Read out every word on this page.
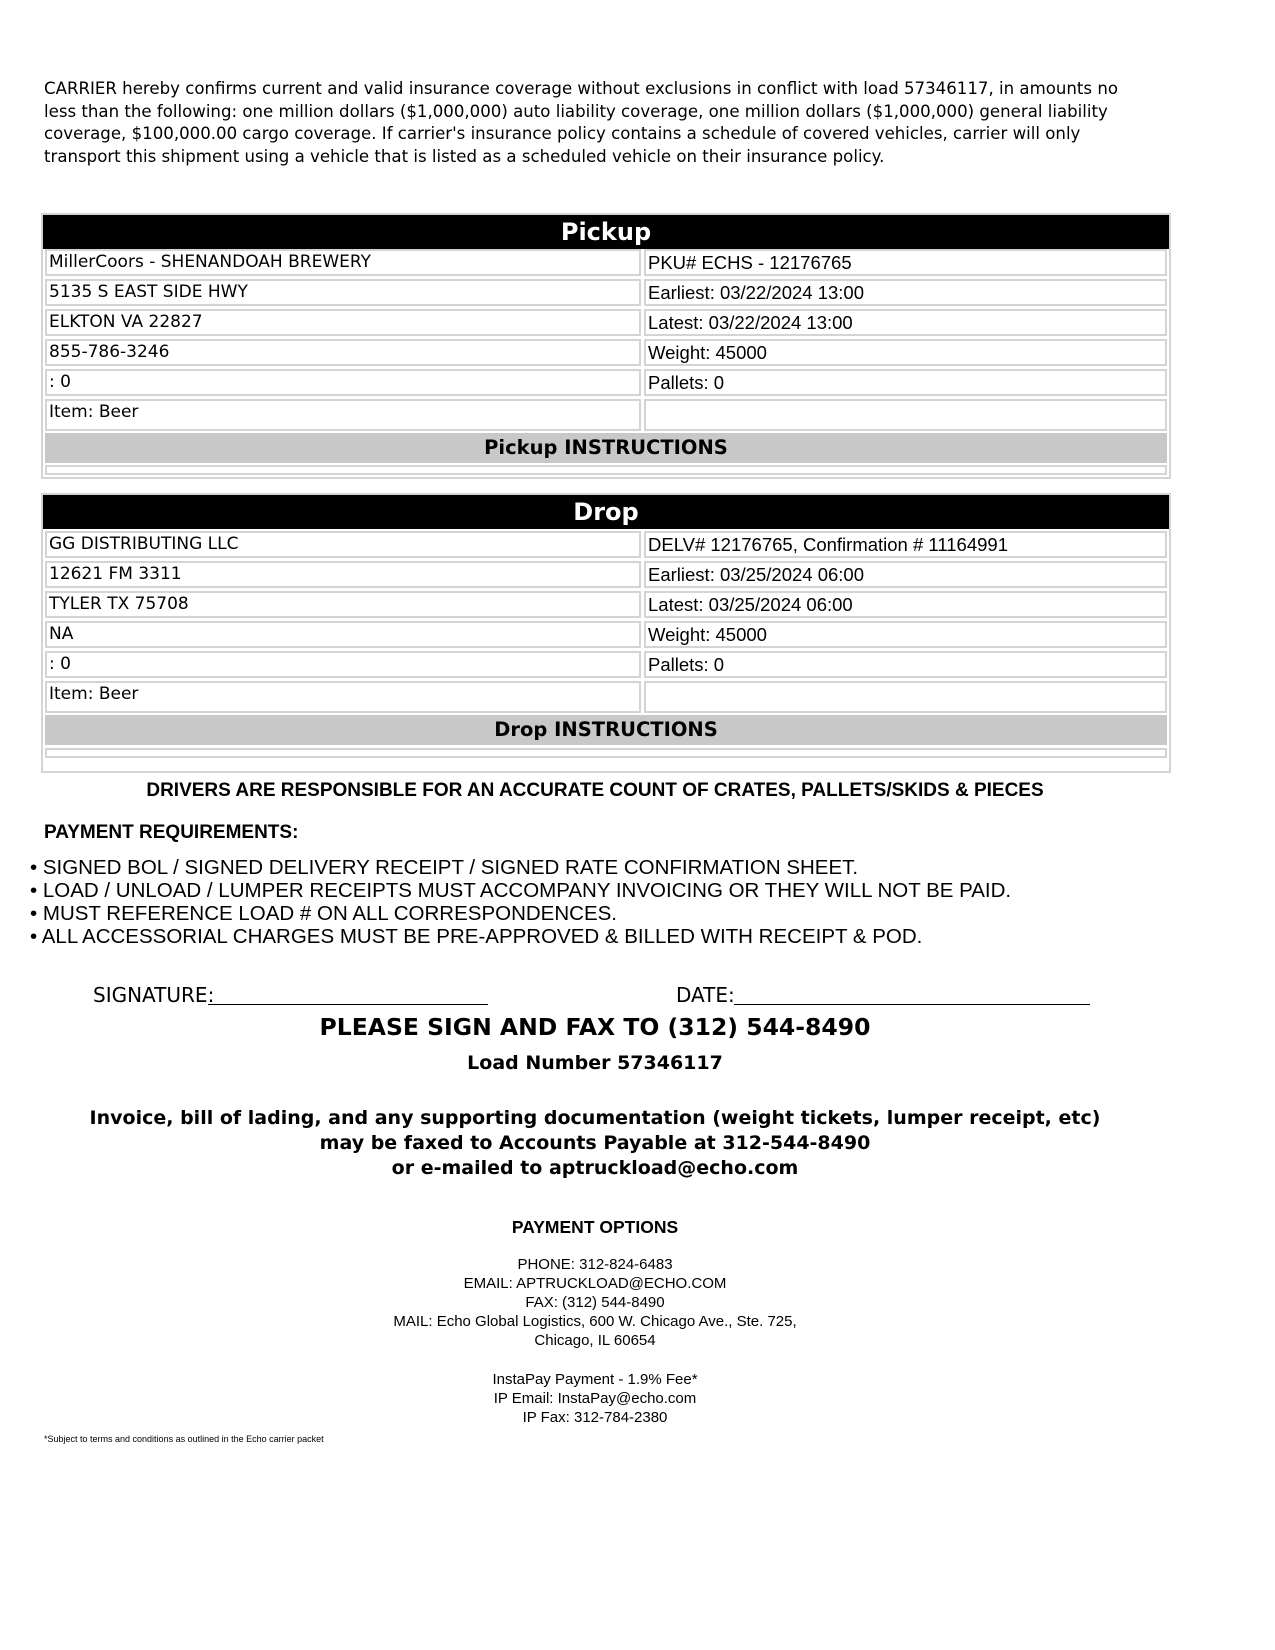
CARRIER hereby confirms current and valid insurance coverage without exclusions in conflict with load 57346117, in amounts no less than the following: one million dollars ($1,000,000) auto liability coverage, one million dollars ($1,000,000) general liability coverage, $100,000.00 cargo coverage. If carrier's insurance policy contains a schedule of covered vehicles, carrier will only transport this shipment using a vehicle that is listed as a scheduled vehicle on their insurance policy.

Pickup
MillerCoors - SHENANDOAH BREWERY	PKU# ECHS - 12176765
5135 S EAST SIDE HWY	Earliest: 03/22/2024 13:00
ELKTON VA 22827	Latest: 03/22/2024 13:00
855-786-3246	Weight: 45000
: 0	Pallets: 0
Item: Beer
Pickup INSTRUCTIONS
Drop
GG DISTRIBUTING LLC	DELV# 12176765, Confirmation # 11164991
12621 FM 3311	Earliest: 03/25/2024 06:00
TYLER TX 75708	Latest: 03/25/2024 06:00
NA	Weight: 45000
: 0	Pallets: 0
Item: Beer
Drop INSTRUCTIONS
DRIVERS ARE RESPONSIBLE FOR AN ACCURATE COUNT OF CRATES, PALLETS/SKIDS & PIECES
PAYMENT REQUIREMENTS:
• SIGNED BOL / SIGNED DELIVERY RECEIPT / SIGNED RATE CONFIRMATION SHEET.
• LOAD / UNLOAD / LUMPER RECEIPTS MUST ACCOMPANY INVOICING OR THEY WILL NOT BE PAID.
• MUST REFERENCE LOAD # ON ALL CORRESPONDENCES.
• ALL ACCESSORIAL CHARGES MUST BE PRE-APPROVED & BILLED WITH RECEIPT & POD.
SIGNATURE:	DATE:
PLEASE SIGN AND FAX TO (312) 544-8490
Load Number 57346117
Invoice, bill of lading, and any supporting documentation (weight tickets, lumper receipt, etc)
may be faxed to Accounts Payable at 312-544-8490
or e-mailed to aptruckload@echo.com
PAYMENT OPTIONS
PHONE: 312-824-6483
EMAIL: APTRUCKLOAD@ECHO.COM
FAX: (312) 544-8490
MAIL: Echo Global Logistics, 600 W. Chicago Ave., Ste. 725,
Chicago, IL 60654
InstaPay Payment - 1.9% Fee*
IP Email: InstaPay@echo.com
IP Fax: 312-784-2380
*Subject to terms and conditions as outlined in the Echo carrier packet
